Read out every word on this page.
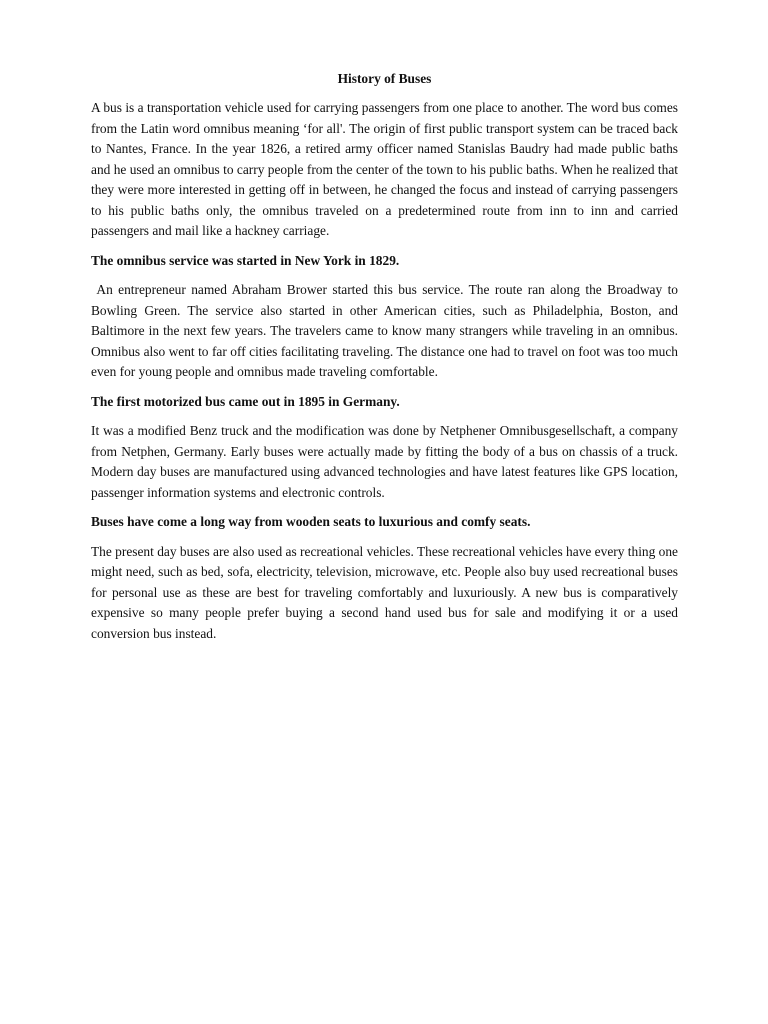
History of Buses

A bus is a transportation vehicle used for carrying passengers from one place to another. The word bus comes from the Latin word omnibus meaning ‘for all'. The origin of first public transport system can be traced back to Nantes, France. In the year 1826, a retired army officer named Stanislas Baudry had made public baths and he used an omnibus to carry people from the center of the town to his public baths. When he realized that they were more interested in getting off in between, he changed the focus and instead of carrying passengers to his public baths only, the omnibus traveled on a predetermined route from inn to inn and carried passengers and mail like a hackney carriage.

The omnibus service was started in New York in 1829.

An entrepreneur named Abraham Brower started this bus service. The route ran along the Broadway to Bowling Green. The service also started in other American cities, such as Philadelphia, Boston, and Baltimore in the next few years. The travelers came to know many strangers while traveling in an omnibus. Omnibus also went to far off cities facilitating traveling. The distance one had to travel on foot was too much even for young people and omnibus made traveling comfortable.

The first motorized bus came out in 1895 in Germany.

It was a modified Benz truck and the modification was done by Netphener Omnibusgesellschaft, a company from Netphen, Germany. Early buses were actually made by fitting the body of a bus on chassis of a truck. Modern day buses are manufactured using advanced technologies and have latest features like GPS location, passenger information systems and electronic controls.

Buses have come a long way from wooden seats to luxurious and comfy seats.

The present day buses are also used as recreational vehicles. These recreational vehicles have every thing one might need, such as bed, sofa, electricity, television, microwave, etc. People also buy used recreational buses for personal use as these are best for traveling comfortably and luxuriously. A new bus is comparatively expensive so many people prefer buying a second hand used bus for sale and modifying it or a used conversion bus instead.
